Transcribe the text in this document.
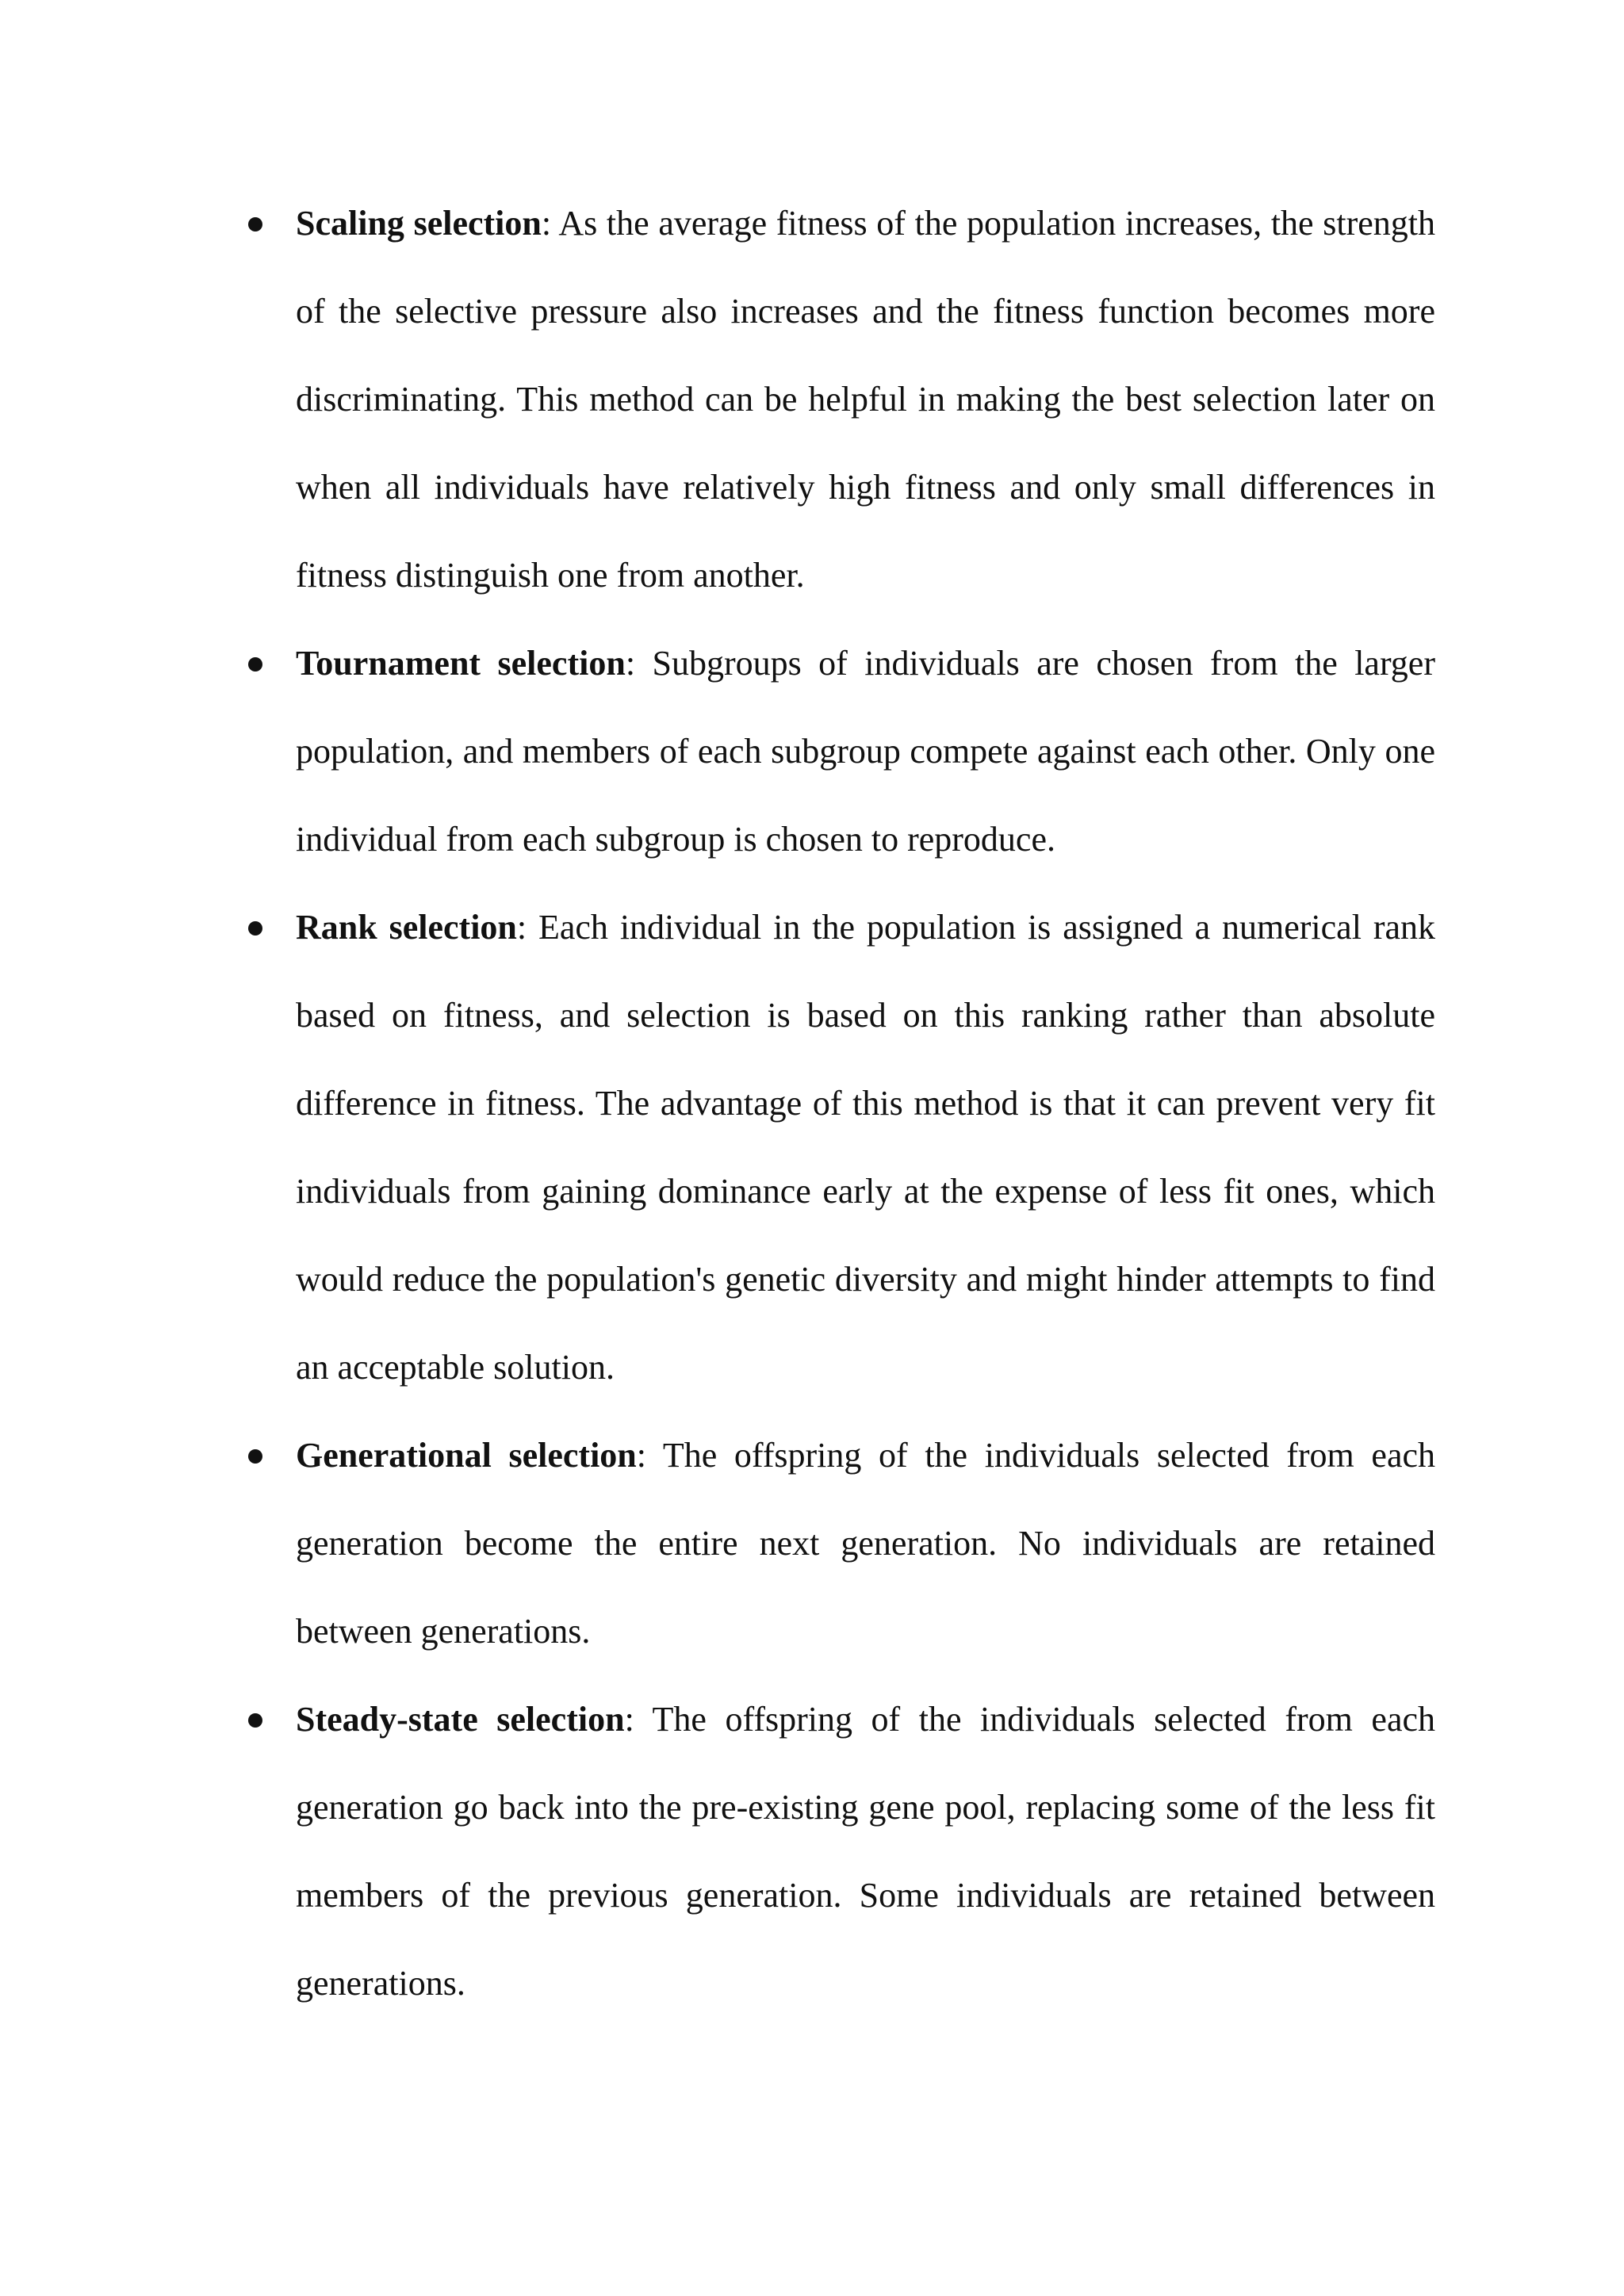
Scaling selection: As the average fitness of the population increases, the strength of the selective pressure also increases and the fitness function becomes more discriminating. This method can be helpful in making the best selection later on when all individuals have relatively high fitness and only small differences in fitness distinguish one from another.
Tournament selection: Subgroups of individuals are chosen from the larger population, and members of each subgroup compete against each other. Only one individual from each subgroup is chosen to reproduce.
Rank selection: Each individual in the population is assigned a numerical rank based on fitness, and selection is based on this ranking rather than absolute difference in fitness. The advantage of this method is that it can prevent very fit individuals from gaining dominance early at the expense of less fit ones, which would reduce the population's genetic diversity and might hinder attempts to find an acceptable solution.
Generational selection: The offspring of the individuals selected from each generation become the entire next generation. No individuals are retained between generations.
Steady-state selection: The offspring of the individuals selected from each generation go back into the pre-existing gene pool, replacing some of the less fit members of the previous generation. Some individuals are retained between generations.
